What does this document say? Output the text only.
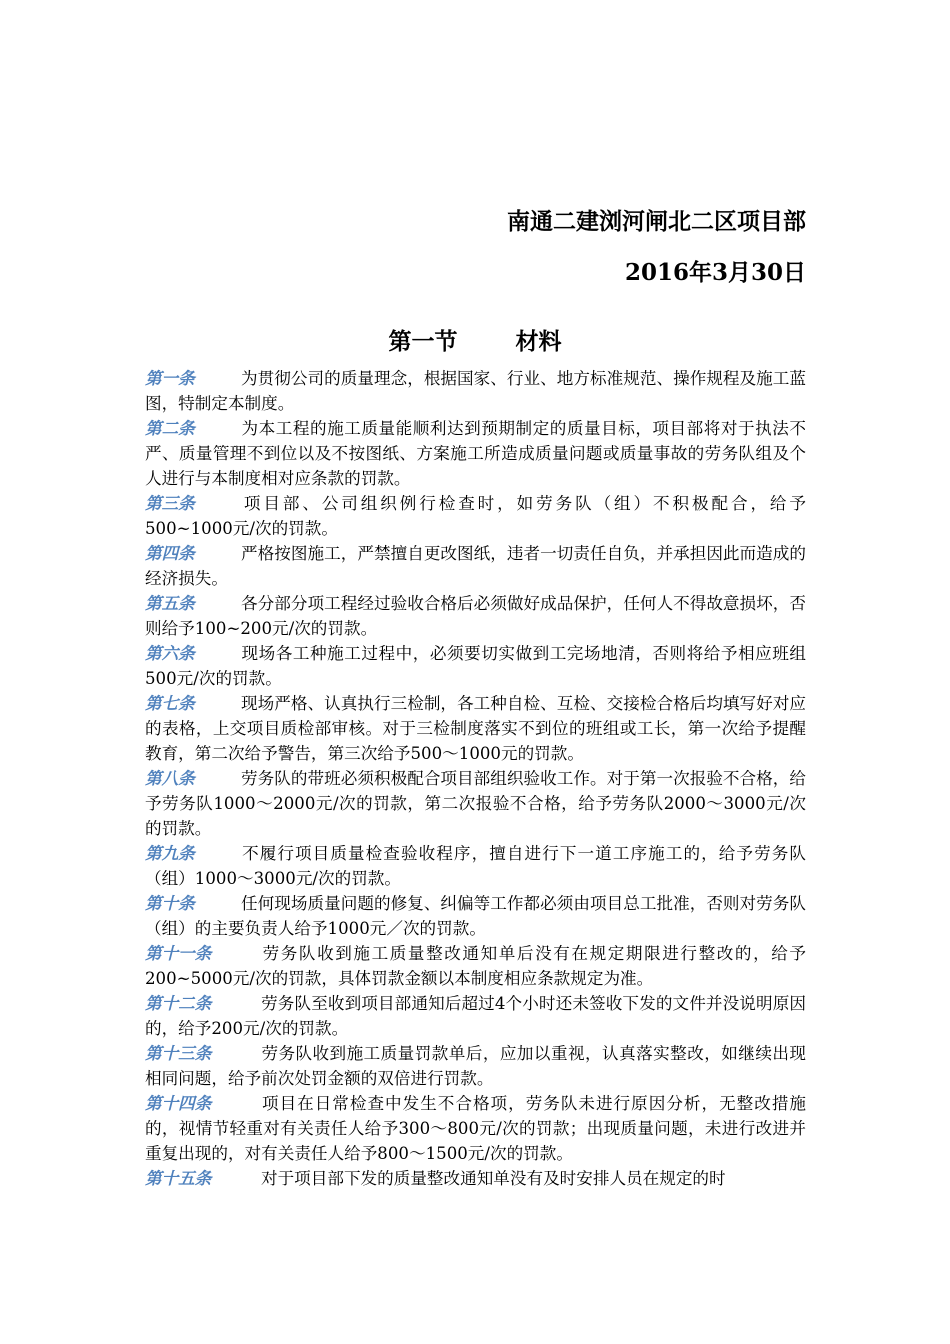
南通二建浏河闸北二区项目部
2016年3月30日
第一节	材料

第一条	为贯彻公司的质量理念，根据国家、行业、地方标准规范、操作规程及施工蓝图，特制定本制度。

第二条	为本工程的施工质量能顺利达到预期制定的质量目标，项目部将对于执法不严、质量管理不到位以及不按图纸、方案施工所造成质量问题或质量事故的劳务队组及个人进行与本制度相对应条款的罚款。

第三条	项目部、公司组织例行检查时，如劳务队（组）不积极配合，给予500~1000元/次的罚款。

第四条	严格按图施工，严禁擅自更改图纸，违者一切责任自负，并承担因此而造成的经济损失。

第五条	各分部分项工程经过验收合格后必须做好成品保护，任何人不得故意损坏，否则给予100~200元/次的罚款。

第六条	现场各工种施工过程中，必须要切实做到工完场地清，否则将给予相应班组500元/次的罚款。

第七条	现场严格、认真执行三检制，各工种自检、互检、交接检合格后均填写好对应的表格，上交项目质检部审核。对于三检制度落实不到位的班组或工长，第一次给予提醒教育，第二次给予警告，第三次给予500～1000元的罚款。

第八条	劳务队的带班必须积极配合项目部组织验收工作。对于第一次报验不合格，给予劳务队1000～2000元/次的罚款，第二次报验不合格，给予劳务队2000～3000元/次的罚款。

第九条	不履行项目质量检查验收程序，擅自进行下一道工序施工的，给予劳务队（组）1000～3000元/次的罚款。

第十条	任何现场质量问题的修复、纠偏等工作都必须由项目总工批准，否则对劳务队（组）的主要负责人给予1000元／次的罚款。

第十一条	劳务队收到施工质量整改通知单后没有在规定期限进行整改的，给予200~5000元/次的罚款，具体罚款金额以本制度相应条款规定为准。

第十二条	劳务队至收到项目部通知后超过4个小时还未签收下发的文件并没说明原因的，给予200元/次的罚款。

第十三条	劳务队收到施工质量罚款单后，应加以重视，认真落实整改，如继续出现相同问题，给予前次处罚金额的双倍进行罚款。

第十四条	项目在日常检查中发生不合格项，劳务队未进行原因分析，无整改措施的，视情节轻重对有关责任人给予300～800元/次的罚款；出现质量问题，未进行改进并重复出现的，对有关责任人给予800～1500元/次的罚款。

第十五条	对于项目部下发的质量整改通知单没有及时安排人员在规定的时
